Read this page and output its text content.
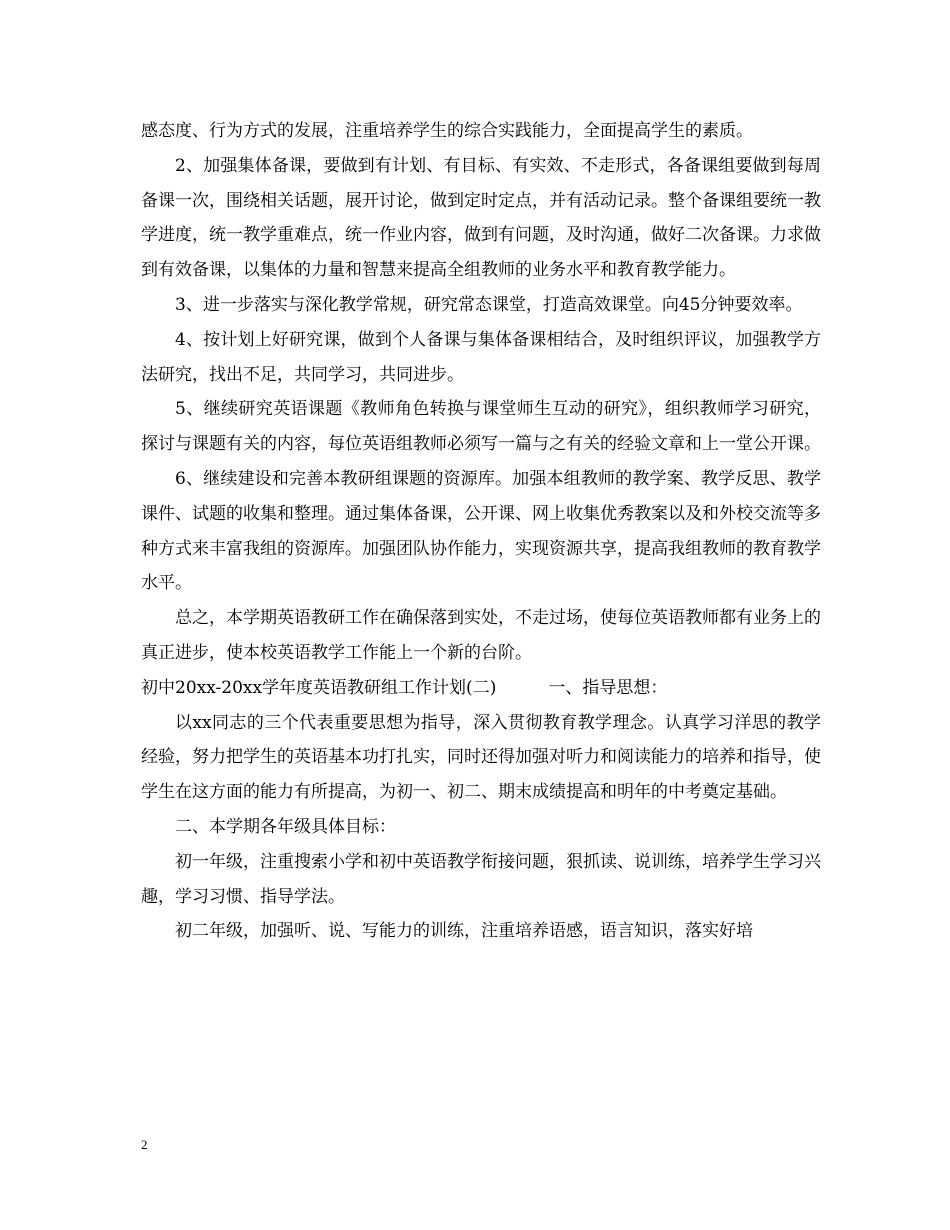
感态度、行为方式的发展，注重培养学生的综合实践能力，全面提高学生的素质。

2、加强集体备课，要做到有计划、有目标、有实效、不走形式，各备课组要做到每周备课一次，围绕相关话题，展开讨论，做到定时定点，并有活动记录。整个备课组要统一教学进度，统一教学重难点，统一作业内容，做到有问题，及时沟通，做好二次备课。力求做到有效备课，以集体的力量和智慧来提高全组教师的业务水平和教育教学能力。

3、进一步落实与深化教学常规，研究常态课堂，打造高效课堂。向45分钟要效率。

4、按计划上好研究课，做到个人备课与集体备课相结合，及时组织评议，加强教学方法研究，找出不足，共同学习，共同进步。

5、继续研究英语课题《教师角色转换与课堂师生互动的研究》，组织教师学习研究，探讨与课题有关的内容，每位英语组教师必须写一篇与之有关的经验文章和上一堂公开课。

6、继续建设和完善本教研组课题的资源库。加强本组教师的教学案、教学反思、教学课件、试题的收集和整理。通过集体备课，公开课、网上收集优秀教案以及和外校交流等多种方式来丰富我组的资源库。加强团队协作能力，实现资源共享，提高我组教师的教育教学水平。

总之，本学期英语教研工作在确保落到实处，不走过场，使每位英语教师都有业务上的真正进步，使本校英语教学工作能上一个新的台阶。

初中20xx-20xx学年度英语教研组工作计划(二)	一、指导思想：

以xx同志的三个代表重要思想为指导，深入贯彻教育教学理念。认真学习洋思的教学经验，努力把学生的英语基本功打扎实，同时还得加强对听力和阅读能力的培养和指导，使学生在这方面的能力有所提高，为初一、初二、期末成绩提高和明年的中考奠定基础。

二、本学期各年级具体目标：

初一年级，注重搜索小学和初中英语教学衔接问题，狠抓读、说训练，培养学生学习兴趣，学习习惯、指导学法。

初二年级，加强听、说、写能力的训练，注重培养语感，语言知识，落实好培

2
